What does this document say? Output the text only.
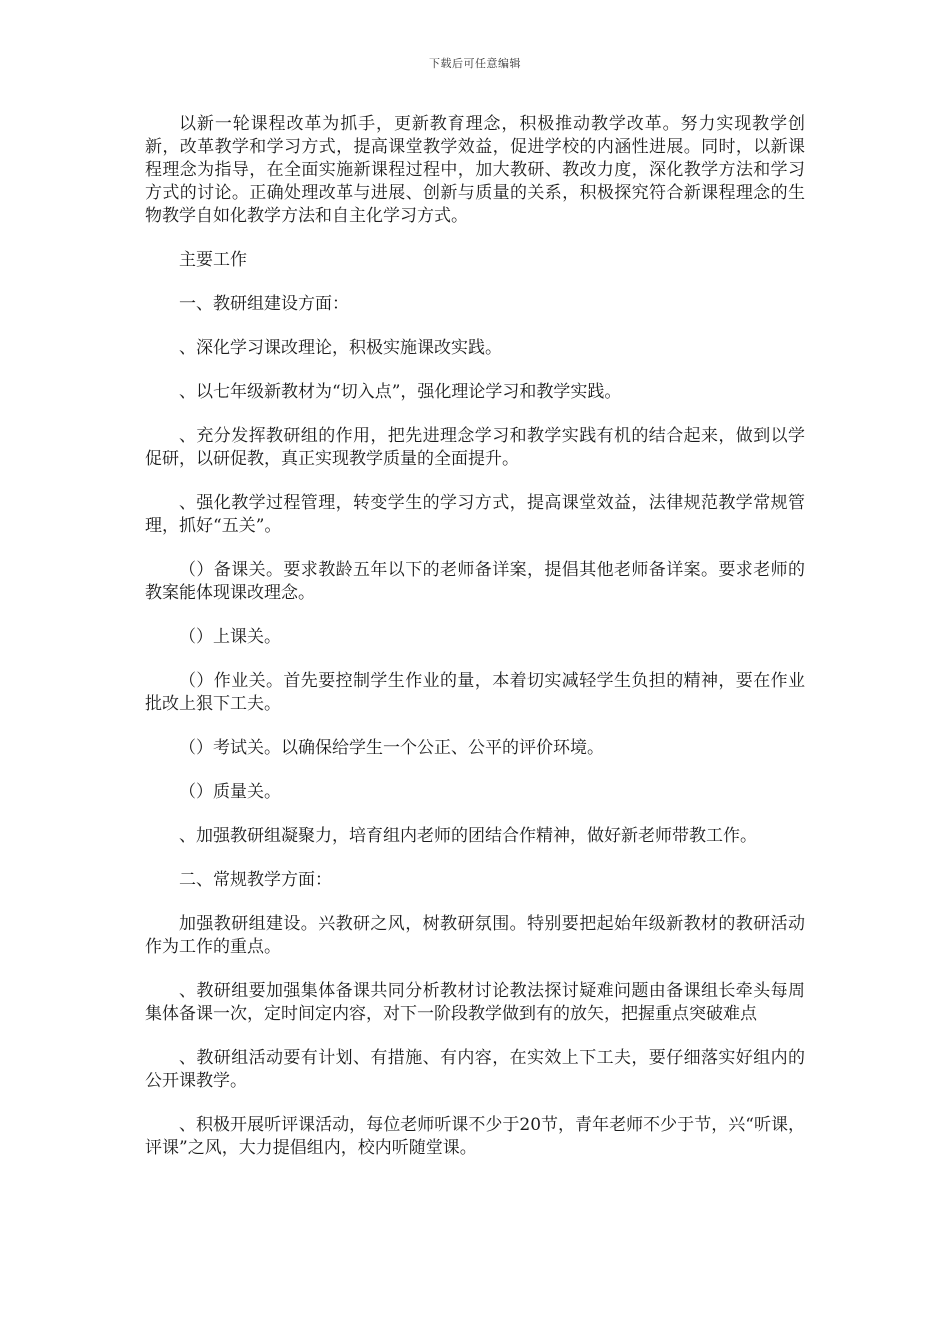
下载后可任意编辑

以新一轮课程改革为抓手，更新教育理念，积极推动教学改革。努力实现教学创新，改革教学和学习方式，提高课堂教学效益，促进学校的内涵性进展。同时，以新课程理念为指导，在全面实施新课程过程中，加大教研、教改力度，深化教学方法和学习方式的讨论。正确处理改革与进展、创新与质量的关系，积极探究符合新课程理念的生物教学自如化教学方法和自主化学习方式。

主要工作

一、教研组建设方面：

、深化学习课改理论，积极实施课改实践。

、以七年级新教材为“切入点”，强化理论学习和教学实践。

、充分发挥教研组的作用，把先进理念学习和教学实践有机的结合起来，做到以学促研，以研促教，真正实现教学质量的全面提升。

、强化教学过程管理，转变学生的学习方式，提高课堂效益，法律规范教学常规管理，抓好“五关”。

（）备课关。要求教龄五年以下的老师备详案，提倡其他老师备详案。要求老师的教案能体现课改理念。

（）上课关。

（）作业关。首先要控制学生作业的量，本着切实减轻学生负担的精神，要在作业批改上狠下工夫。

（）考试关。以确保给学生一个公正、公平的评价环境。

（）质量关。

、加强教研组凝聚力，培育组内老师的团结合作精神，做好新老师带教工作。

二、常规教学方面：

加强教研组建设。兴教研之风，树教研氛围。特别要把起始年级新教材的教研活动作为工作的重点。

、教研组要加强集体备课共同分析教材讨论教法探讨疑难问题由备课组长牵头每周集体备课一次，定时间定内容，对下一阶段教学做到有的放矢，把握重点突破难点

、教研组活动要有计划、有措施、有内容，在实效上下工夫，要仔细落实好组内的公开课教学。

、积极开展听评课活动，每位老师听课不少于20节，青年老师不少于节，兴“听课，评课”之风，大力提倡组内，校内听随堂课。
